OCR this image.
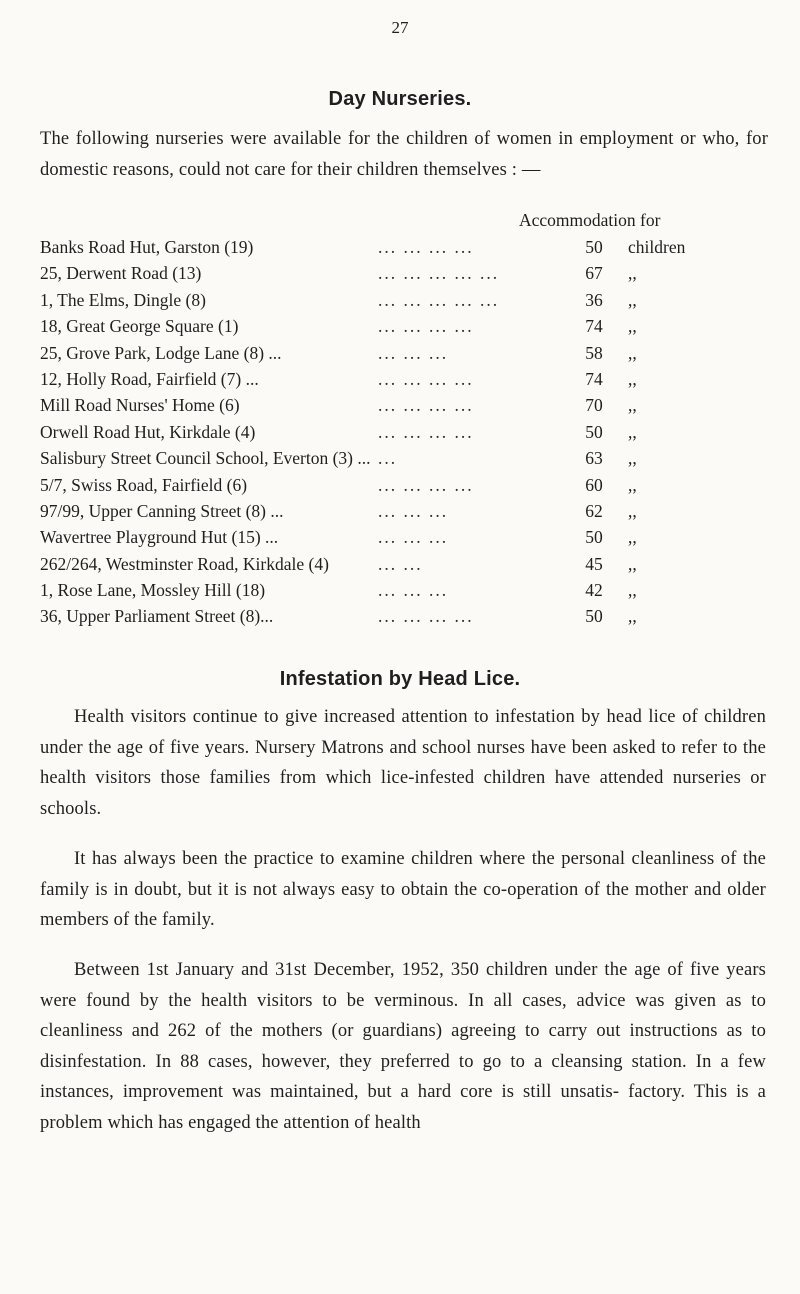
27
Day Nurseries.

The following nurseries were available for the children of women in employment or who, for domestic reasons, could not care for their children themselves : —

Accommodation for
Banks Road Hut, Garston (19)	... ... ... ...	50	children
25, Derwent Road (13)	... ... ... ... ...	67	,,
1, The Elms, Dingle (8)	... ... ... ... ...	36	,,
18, Great George Square (1)	... ... ... ...	74	,,
25, Grove Park, Lodge Lane (8) ...	... ... ...	58	,,
12, Holly Road, Fairfield (7) ...	... ... ... ...	74	,,
Mill Road Nurses' Home (6)	... ... ... ...	70	,,
Orwell Road Hut, Kirkdale (4)	... ... ... ...	50	,,
Salisbury Street Council School, Everton (3) ... ...	63	,,
5/7, Swiss Road, Fairfield (6)	... ... ... ...	60	,,
97/99, Upper Canning Street (8) ...	... ... ...	62	,,
Wavertree Playground Hut (15) ...	... ... ...	50	,,
262/264, Westminster Road, Kirkdale (4)	... ...	45	,,
1, Rose Lane, Mossley Hill (18)	... ... ...	42	,,
36, Upper Parliament Street (8)...	... ... ... ...	50	,,
Infestation by Head Lice.

Health visitors continue to give increased attention to infestation by head lice of children under the age of five years. Nursery Matrons and school nurses have been asked to refer to the health visitors those families from which lice-infested children have attended nurseries or schools.

It has always been the practice to examine children where the personal cleanliness of the family is in doubt, but it is not always easy to obtain the co-operation of the mother and older members of the family.

Between 1st January and 31st December, 1952, 350 children under the age of five years were found by the health visitors to be verminous. In all cases, advice was given as to cleanliness and 262 of the mothers (or guardians) agreeing to carry out instructions as to disinfestation. In 88 cases, however, they preferred to go to a cleansing station. In a few instances, improvement was maintained, but a hard core is still unsatis- factory. This is a problem which has engaged the attention of health
